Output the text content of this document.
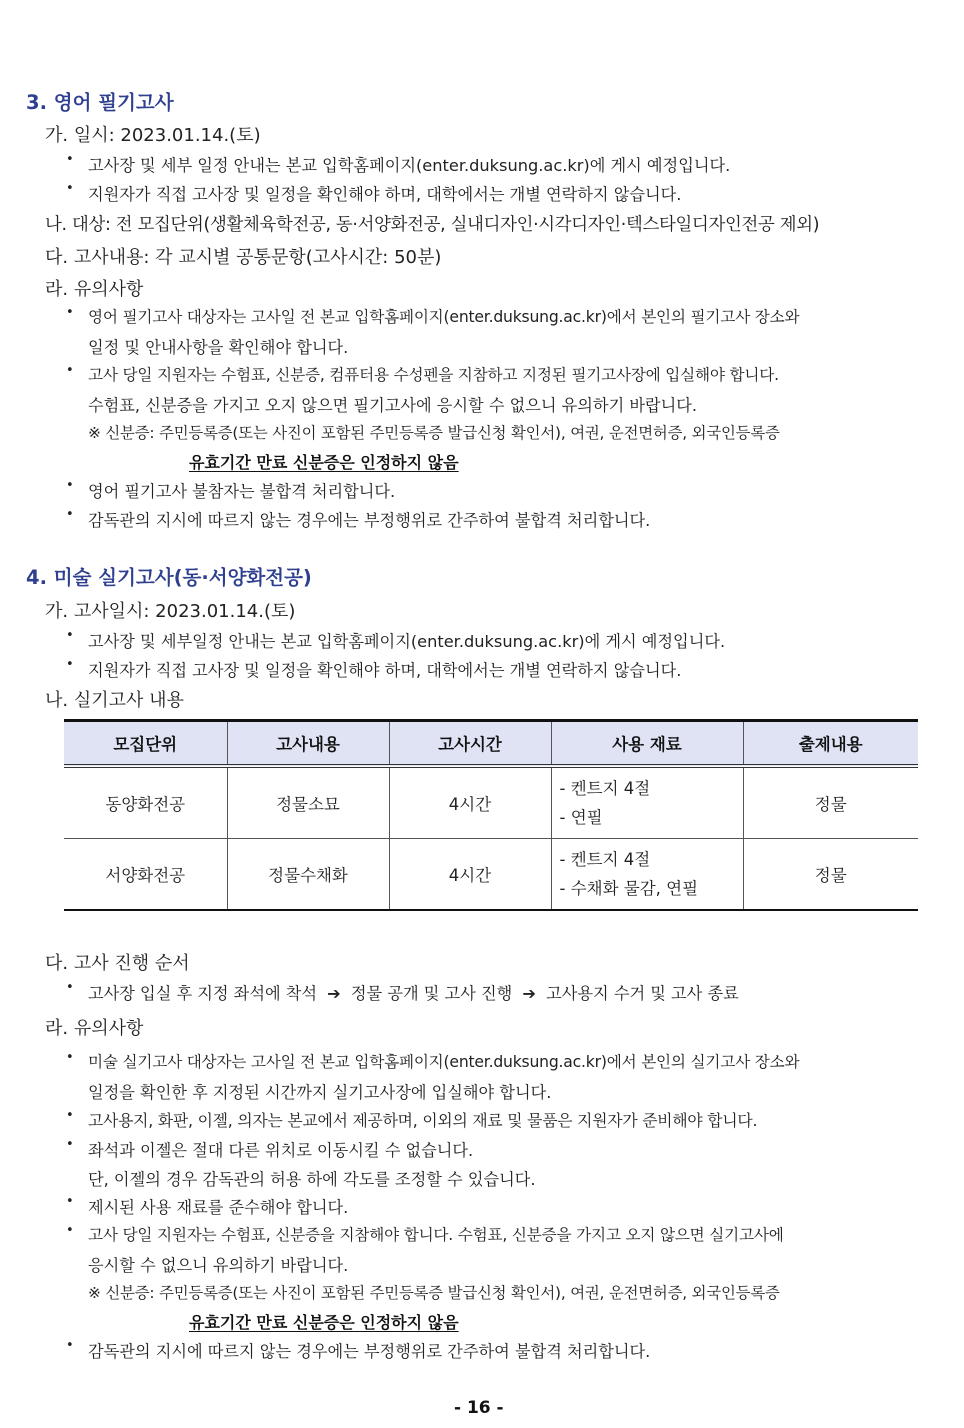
3. 영어 필기고사
가. 일시: 2023.01.14.(토)
• 고사장 및 세부 일정 안내는 본교 입학홈페이지(enter.duksung.ac.kr)에 게시 예정입니다.
• 지원자가 직접 고사장 및 일정을 확인해야 하며, 대학에서는 개별 연락하지 않습니다.
나. 대상: 전 모집단위(생활체육학전공, 동·서양화전공, 실내디자인·시각디자인·텍스타일디자인전공 제외)
다. 고사내용: 각 교시별 공통문항(고사시간: 50분)
라. 유의사항
• 영어 필기고사 대상자는 고사일 전 본교 입학홈페이지(enter.duksung.ac.kr)에서 본인의 필기고사 장소와
일정 및 안내사항을 확인해야 합니다.
• 고사 당일 지원자는 수험표, 신분증, 컴퓨터용 수성펜을 지참하고 지정된 필기고사장에 입실해야 합니다.
수험표, 신분증을 가지고 오지 않으면 필기고사에 응시할 수 없으니 유의하기 바랍니다.
※ 신분증: 주민등록증(또는 사진이 포함된 주민등록증 발급신청 확인서), 여권, 운전면허증, 외국인등록증
유효기간 만료 신분증은 인정하지 않음
• 영어 필기고사 불참자는 불합격 처리합니다.
• 감독관의 지시에 따르지 않는 경우에는 부정행위로 간주하여 불합격 처리합니다.
4. 미술 실기고사(동·서양화전공)
가. 고사일시: 2023.01.14.(토)
• 고사장 및 세부일정 안내는 본교 입학홈페이지(enter.duksung.ac.kr)에 게시 예정입니다.
• 지원자가 직접 고사장 및 일정을 확인해야 하며, 대학에서는 개별 연락하지 않습니다.
나. 실기고사 내용
모집단위	고사내용	고사시간	사용 재료	출제내용
동양화전공	정물소묘	4시간	- 켄트지 4절
- 연필	정물
서양화전공	정물수채화	4시간	- 켄트지 4절
- 수채화 물감, 연필	정물
다. 고사 진행 순서
• 고사장 입실 후 지정 좌석에 착석 ➔ 정물 공개 및 고사 진행 ➔ 고사용지 수거 및 고사 종료
라. 유의사항
• 미술 실기고사 대상자는 고사일 전 본교 입학홈페이지(enter.duksung.ac.kr)에서 본인의 실기고사 장소와
일정을 확인한 후 지정된 시간까지 실기고사장에 입실해야 합니다.
• 고사용지, 화판, 이젤, 의자는 본교에서 제공하며, 이외의 재료 및 물품은 지원자가 준비해야 합니다.
• 좌석과 이젤은 절대 다른 위치로 이동시킬 수 없습니다.
단, 이젤의 경우 감독관의 허용 하에 각도를 조정할 수 있습니다.
• 제시된 사용 재료를 준수해야 합니다.
• 고사 당일 지원자는 수험표, 신분증을 지참해야 합니다. 수험표, 신분증을 가지고 오지 않으면 실기고사에
응시할 수 없으니 유의하기 바랍니다.
※ 신분증: 주민등록증(또는 사진이 포함된 주민등록증 발급신청 확인서), 여권, 운전면허증, 외국인등록증
유효기간 만료 신분증은 인정하지 않음
• 감독관의 지시에 따르지 않는 경우에는 부정행위로 간주하여 불합격 처리합니다.
- 16 -
